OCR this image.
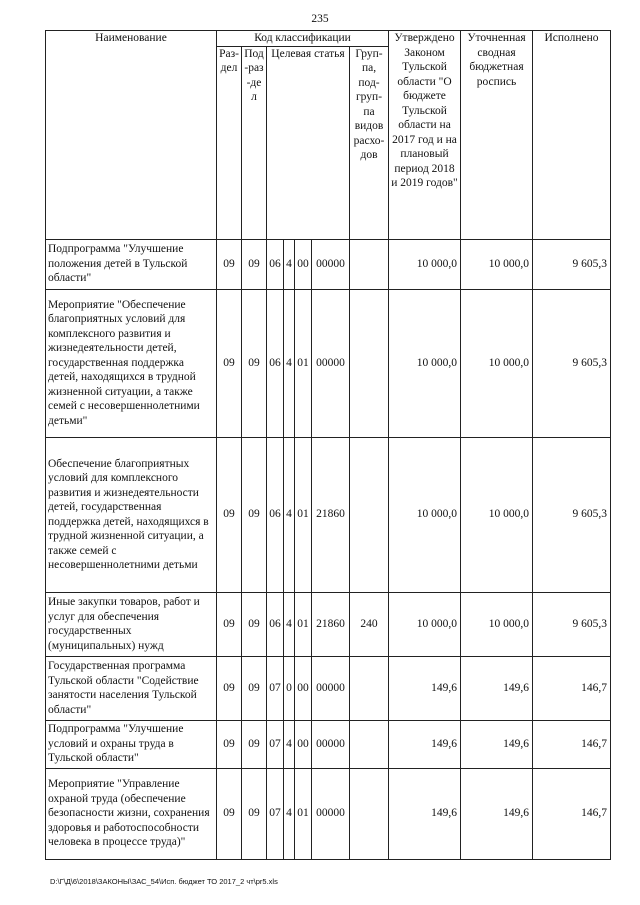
235
Наименование	Код классификации							Утверждено Законом Тульской области "О бюджете Тульской области на 2017 год и на плановый период 2018 и 2019 годов"	Уточненная сводная бюджетная роспись	Исполнено
	Раз-дел	Под-раз-дел	Целевая статья				Груп-па, под-груп-па видов расхо-дов			
Подпрограмма "Улучшение положения детей в Тульской области"	09	09	06	4	00	00000		10 000,0	10 000,0	9 605,3
Мероприятие "Обеспечение благоприятных условий для комплексного развития и жизнедеятельности детей, государственная поддержка детей, находящихся в трудной жизненной ситуации, а также семей с несовершеннолетними детьми"	09	09	06	4	01	00000		10 000,0	10 000,0	9 605,3
Обеспечение благоприятных условий для комплексного развития и жизнедеятельности детей, государственная поддержка детей, находящихся в трудной жизненной ситуации, а также семей с несовершеннолетними детьми	09	09	06	4	01	21860		10 000,0	10 000,0	9 605,3
Иные закупки товаров, работ и услуг для обеспечения государственных (муниципальных) нужд	09	09	06	4	01	21860	240	10 000,0	10 000,0	9 605,3
Государственная программа Тульской области "Содействие занятости населения Тульской области"	09	09	07	0	00	00000		149,6	149,6	146,7
Подпрограмма "Улучшение условий и охраны труда в Тульской области"	09	09	07	4	00	00000		149,6	149,6	146,7
Мероприятие "Управление охраной труда (обеспечение безопасности жизни, сохранения здоровья и работоспособности человека в процессе труда)"	09	09	07	4	01	00000		149,6	149,6	146,7
D:\Г\Д\6\2018\ЗАКОНЫ\ЗАС_54\Исп. бюджет ТО 2017_2 чт\pr5.xls
